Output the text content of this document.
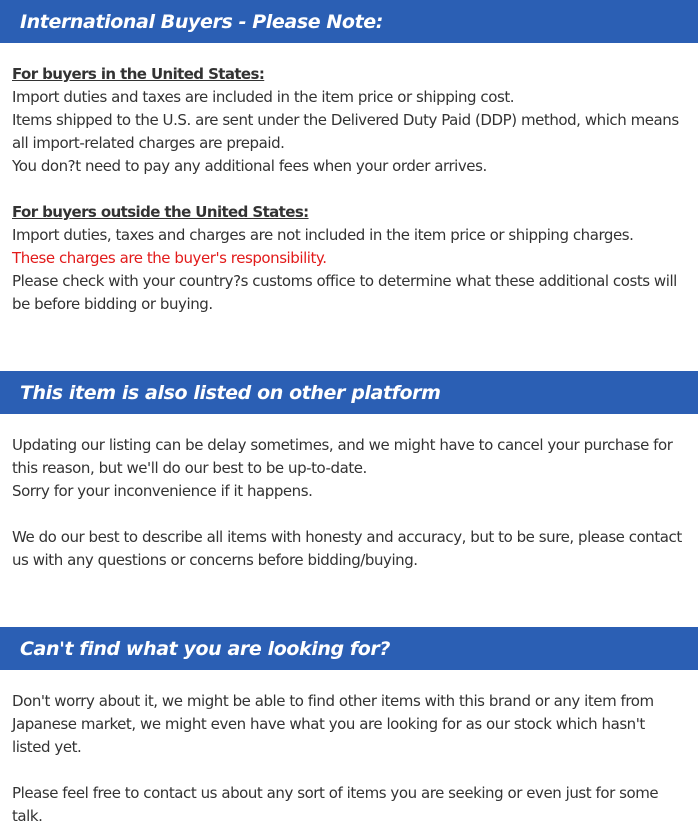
International Buyers - Please Note:

For buyers in the United States:

Import duties and taxes are included in the item price or shipping cost.

Items shipped to the U.S. are sent under the Delivered Duty Paid (DDP) method, which means all import-related charges are prepaid.

You don?t need to pay any additional fees when your order arrives.

For buyers outside the United States:

Import duties, taxes and charges are not included in the item price or shipping charges.

These charges are the buyer's responsibility.

Please check with your country?s customs office to determine what these additional costs will be before bidding or buying.

This item is also listed on other platform

Updating our listing can be delay sometimes, and we might have to cancel your purchase for this reason, but we'll do our best to be up-to-date.

Sorry for your inconvenience if it happens.

We do our best to describe all items with honesty and accuracy, but to be sure, please contact us with any questions or concerns before bidding/buying.

Can't find what you are looking for?

Don't worry about it, we might be able to find other items with this brand or any item from Japanese market, we might even have what you are looking for as our stock which hasn't listed yet.

Please feel free to contact us about any sort of items you are seeking or even just for some talk.
